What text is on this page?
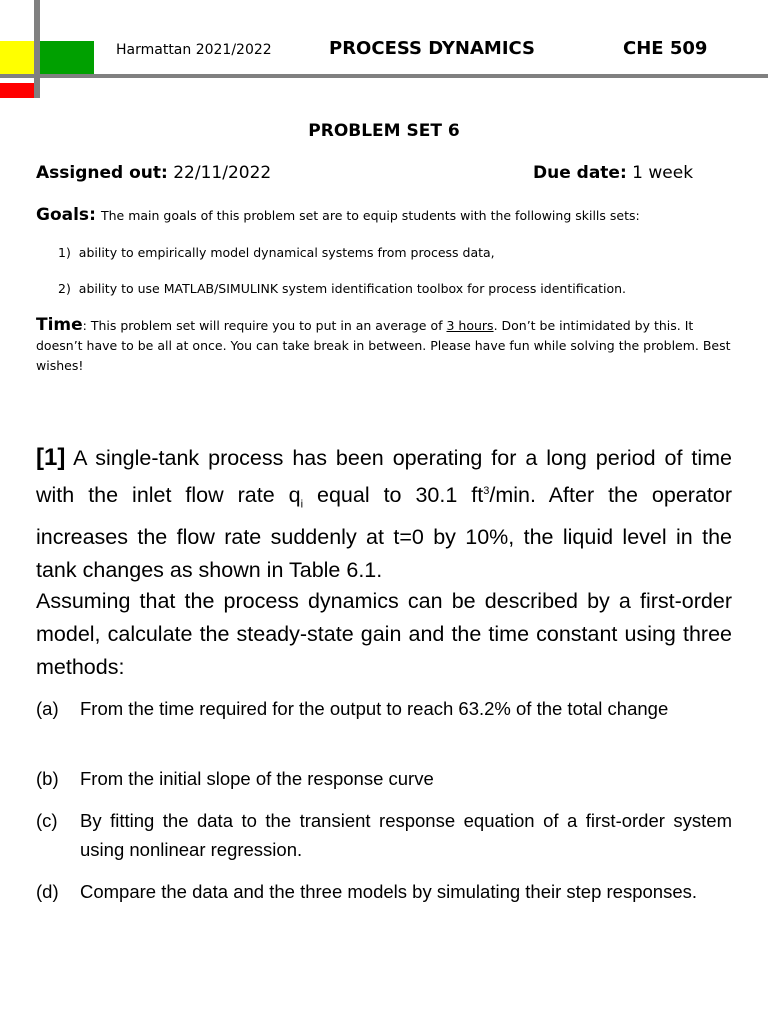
Harmattan 2021/2022	PROCESS DYNAMICS	CHE 509
PROBLEM SET 6
Assigned out: 22/11/2022	Due date: 1 week
Goals: The main goals of this problem set are to equip students with the following skills sets:
1) ability to empirically model dynamical systems from process data,
2) ability to use MATLAB/SIMULINK system identification toolbox for process identification.
Time: This problem set will require you to put in an average of 3 hours. Don’t be intimidated by this. It doesn’t have to be all at once. You can take break in between. Please have fun while solving the problem. Best wishes!
[1] A single-tank process has been operating for a long period of time with the inlet flow rate $q_i$ equal to 30.1 $ft^3/\min$. After the operator increases the flow rate suddenly at t=0 by 10%, the liquid level in the tank changes as shown in Table 6.1.
Assuming that the process dynamics can be described by a first-order model, calculate the steady-state gain and the time constant using three methods:
(a)	From the time required for the output to reach 63.2% of the total change
(b)	From the initial slope of the response curve
(c)	By fitting the data to the transient response equation of a first-order system using nonlinear regression.
(d)	Compare the data and the three models by simulating their step responses.
